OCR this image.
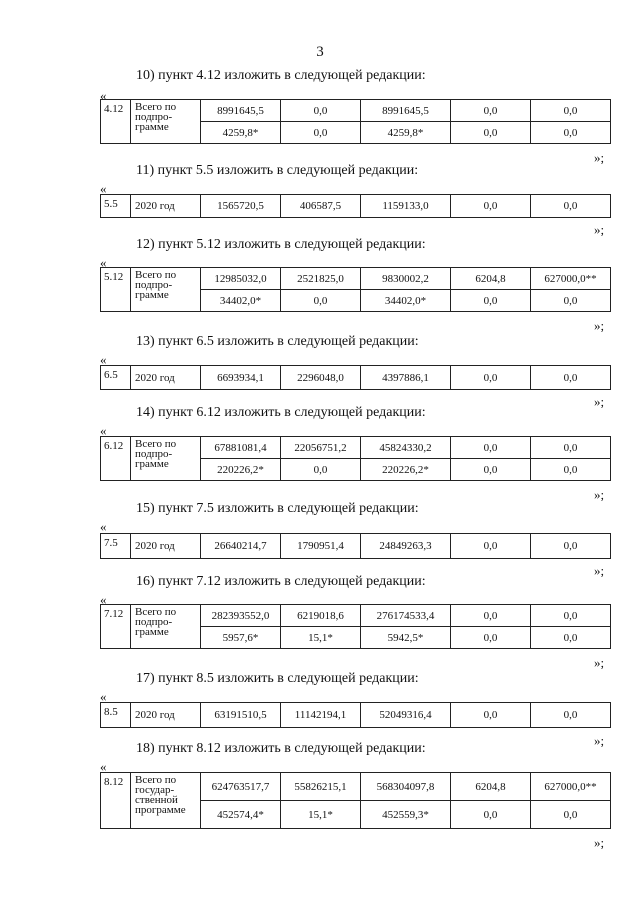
3
10) пункт 4.12 изложить в следующей редакции:
«
4.12	Всего по
подпро-
грамме	8991645,5	0,0	8991645,5	0,0	0,0
		4259,8*	0,0	4259,8*	0,0	0,0
»;
11) пункт 5.5 изложить в следующей редакции:
«
5.5	2020 год	1565720,5	406587,5	1159133,0	0,0	0,0
»;
12) пункт 5.12 изложить в следующей редакции:
«
5.12	Всего по
подпро-
грамме	12985032,0	2521825,0	9830002,2	6204,8	627000,0**
		34402,0*	0,0	34402,0*	0,0	0,0
»;
13) пункт 6.5 изложить в следующей редакции:
«
6.5	2020 год	6693934,1	2296048,0	4397886,1	0,0	0,0
»;
14) пункт 6.12 изложить в следующей редакции:
«
6.12	Всего по
подпро-
грамме	67881081,4	22056751,2	45824330,2	0,0	0,0
		220226,2*	0,0	220226,2*	0,0	0,0
»;
15) пункт 7.5 изложить в следующей редакции:
«
7.5	2020 год	26640214,7	1790951,4	24849263,3	0,0	0,0
»;
16) пункт 7.12 изложить в следующей редакции:
«
7.12	Всего по
подпро-
грамме	282393552,0	6219018,6	276174533,4	0,0	0,0
		5957,6*	15,1*	5942,5*	0,0	0,0
»;
17) пункт 8.5 изложить в следующей редакции:
«
8.5	2020 год	63191510,5	11142194,1	52049316,4	0,0	0,0
»;
18) пункт 8.12 изложить в следующей редакции:
«
8.12	Всего по
государ-
ственной
программе	624763517,7	55826215,1	568304097,8	6204,8	627000,0**
		452574,4*	15,1*	452559,3*	0,0	0,0
»;
